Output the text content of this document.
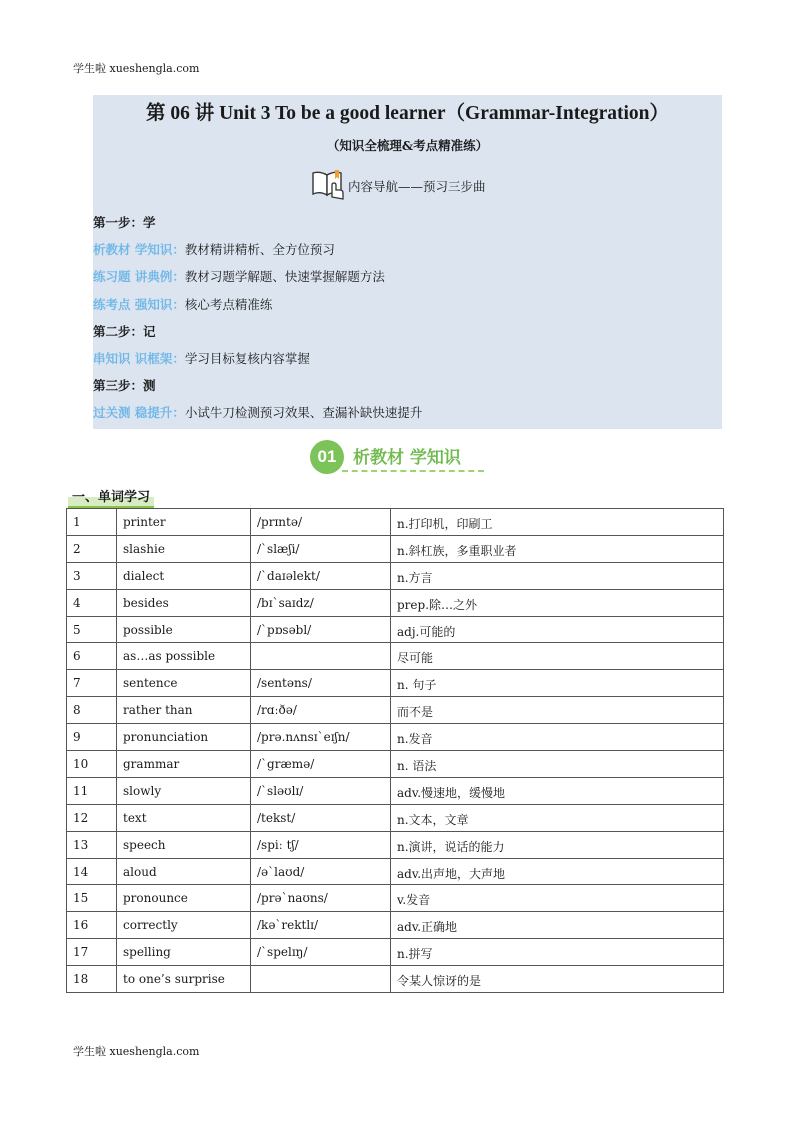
学生啦 xueshengla.com
第 06 讲 Unit 3 To be a good learner（Grammar-Integration）
（知识全梳理&考点精准练）
内容导航——预习三步曲
第一步：学
析教材 学知识：教材精讲精析、全方位预习
练习题 讲典例：教材习题学解题、快速掌握解题方法
练考点 强知识：核心考点精准练
第二步：记
串知识 识框架：学习目标复核内容掌握
第三步：测
过关测 稳提升：小试牛刀检测预习效果、查漏补缺快速提升
01 析教材 学知识
一、单词学习
1	printer	/prɪntə/	n.打印机，印刷工
2	slashie	/ˋslæʃi/	n.斜杠族，多重职业者
3	dialect	/ˋdaɪəlekt/	n.方言
4	besides	/bɪˋsaɪdz/	prep.除…之外
5	possible	/ˋpɒsəbl/	adj.可能的
6	as…as possible		尽可能
7	sentence	/sentəns/	n. 句子
8	rather than	/rɑːðə/	而不是
9	pronunciation	/prə.nʌnsɪˋeɪʃn/	n.发音
10	grammar	/ˋgræmə/	n. 语法
11	slowly	/ˋsləʊlɪ/	adv.慢速地，缓慢地
12	text	/tekst/	n.文本，文章
13	speech	/spiː tʃ/	n.演讲，说话的能力
14	aloud	/əˋlaʊd/	adv.出声地，大声地
15	pronounce	/prəˋnaʊns/	v.发音
16	correctly	/kəˋrektlɪ/	adv.正确地
17	spelling	/ˋspelɪŋ/	n.拼写
18	to one’s surprise		令某人惊讶的是
学生啦 xueshengla.com
